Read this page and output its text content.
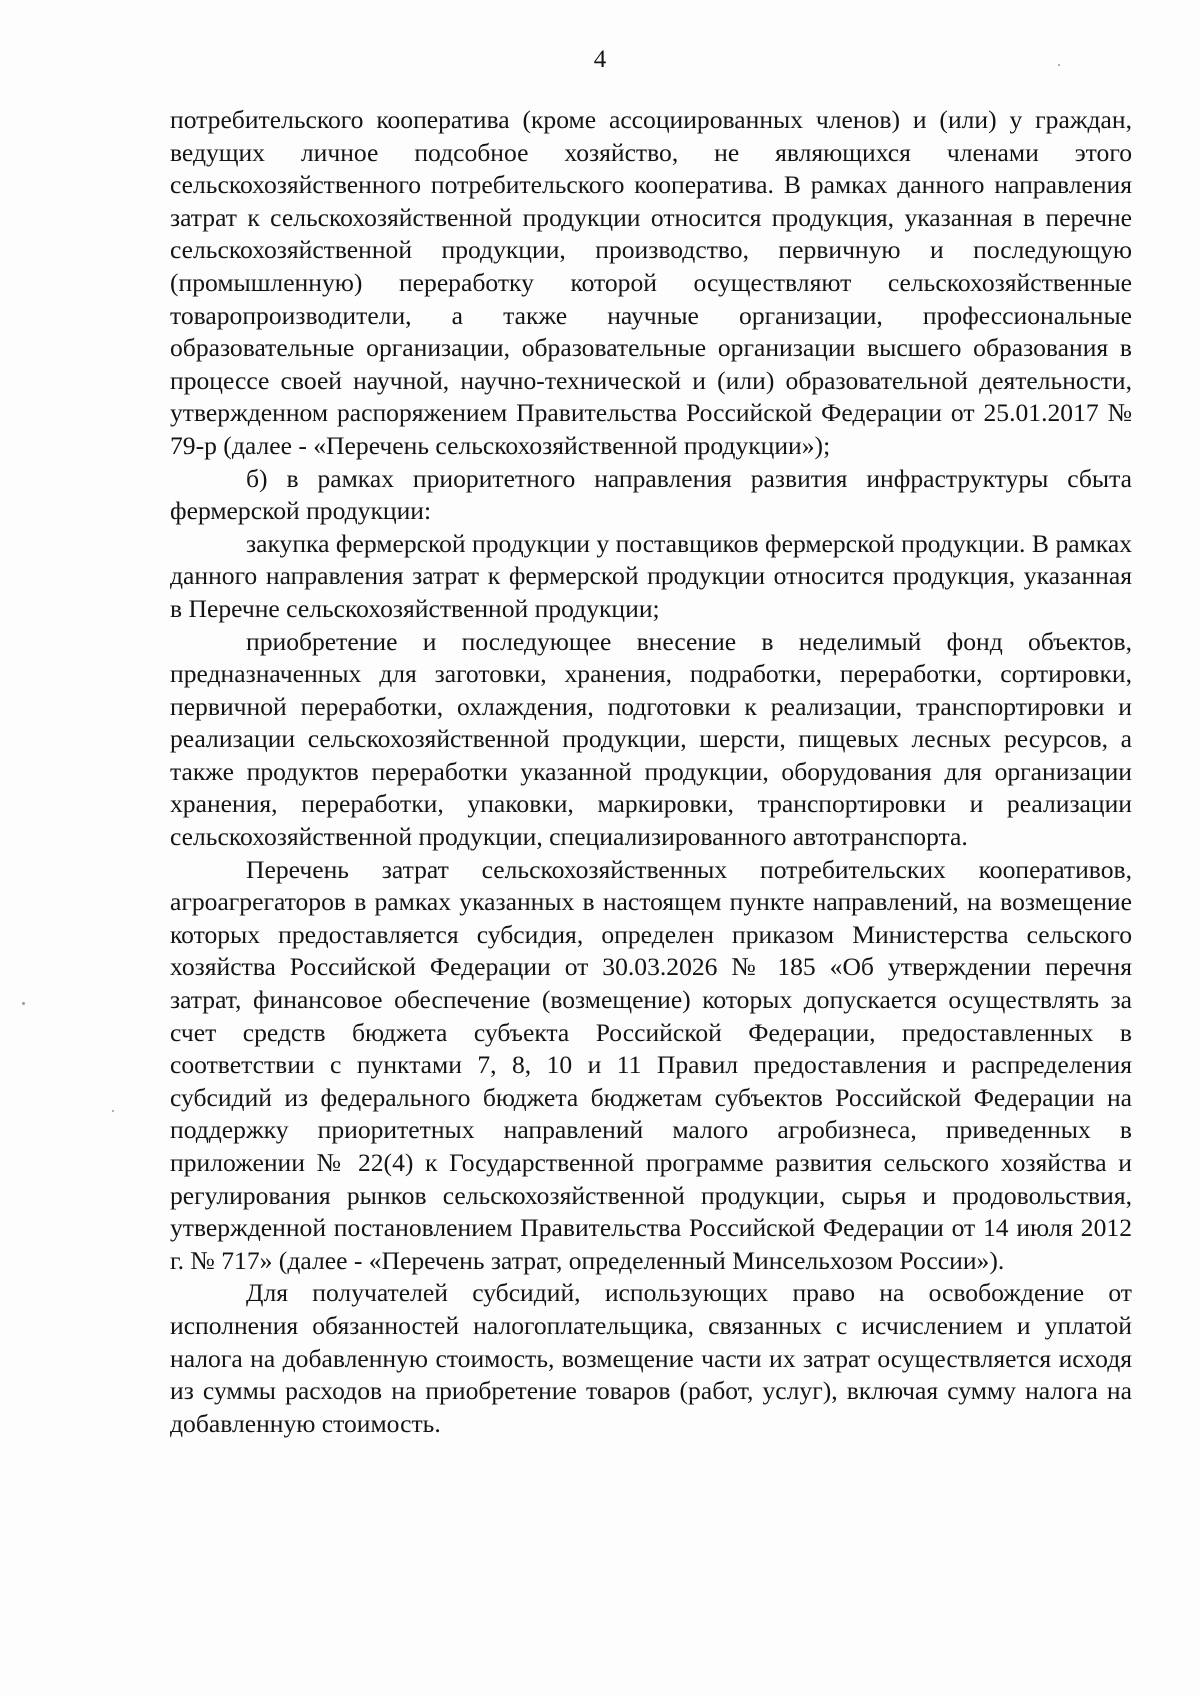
4

потребительского кооператива (кроме ассоциированных членов) и (или) у граждан, ведущих личное подсобное хозяйство, не являющихся членами этого сельскохозяйственного потребительского кооператива. В рамках данного направления затрат к сельскохозяйственной продукции относится продукция, указанная в перечне сельскохозяйственной продукции, производство, первичную и последующую (промышленную) переработку которой осуществляют сельскохозяйственные товаропроизводители, а также научные организации, профессиональные образовательные организации, образовательные организации высшего образования в процессе своей научной, научно-технической и (или) образовательной деятельности, утвержденном распоряжением Правительства Российской Федерации от 25.01.2017 № 79-р (далее - «Перечень сельскохозяйственной продукции»);

б) в рамках приоритетного направления развития инфраструктуры сбыта фермерской продукции:

закупка фермерской продукции у поставщиков фермерской продукции. В рамках данного направления затрат к фермерской продукции относится продукция, указанная в Перечне сельскохозяйственной продукции;

приобретение и последующее внесение в неделимый фонд объектов, предназначенных для заготовки, хранения, подработки, переработки, сортировки, первичной переработки, охлаждения, подготовки к реализации, транспортировки и реализации сельскохозяйственной продукции, шерсти, пищевых лесных ресурсов, а также продуктов переработки указанной продукции, оборудования для организации хранения, переработки, упаковки, маркировки, транспортировки и реализации сельскохозяйственной продукции, специализированного автотранспорта.

Перечень затрат сельскохозяйственных потребительских кооперативов, агроагрегаторов в рамках указанных в настоящем пункте направлений, на возмещение которых предоставляется субсидия, определен приказом Министерства сельского хозяйства Российской Федерации от 30.03.2026 № 185 «Об утверждении перечня затрат, финансовое обеспечение (возмещение) которых допускается осуществлять за счет средств бюджета субъекта Российской Федерации, предоставленных в соответствии с пунктами 7, 8, 10 и 11 Правил предоставления и распределения субсидий из федерального бюджета бюджетам субъектов Российской Федерации на поддержку приоритетных направлений малого агробизнеса, приведенных в приложении № 22(4) к Государственной программе развития сельского хозяйства и регулирования рынков сельскохозяйственной продукции, сырья и продовольствия, утвержденной постановлением Правительства Российской Федерации от 14 июля 2012 г. № 717» (далее - «Перечень затрат, определенный Минсельхозом России»).

Для получателей субсидий, использующих право на освобождение от исполнения обязанностей налогоплательщика, связанных с исчислением и уплатой налога на добавленную стоимость, возмещение части их затрат осуществляется исходя из суммы расходов на приобретение товаров (работ, услуг), включая сумму налога на добавленную стоимость.
